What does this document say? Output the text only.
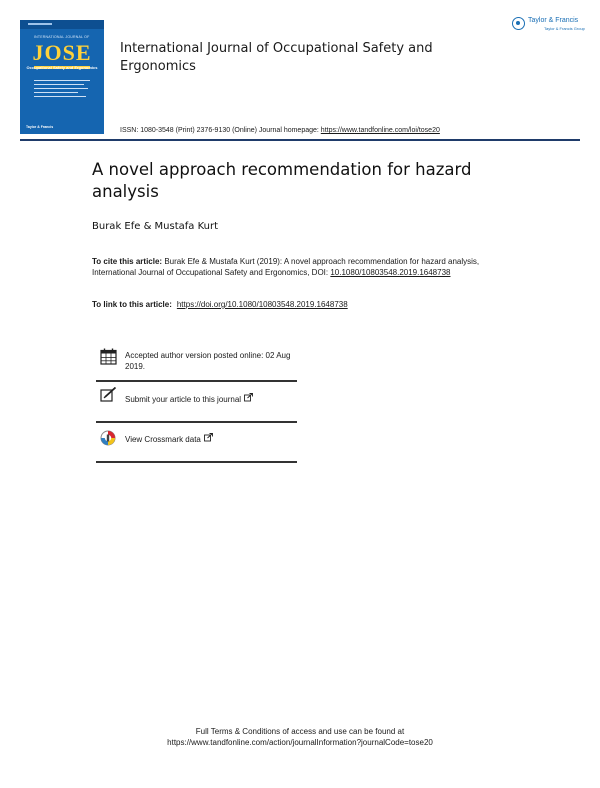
INTERNATIONAL JOURNAL OF
JOSE
Occupational Safety and Ergonomics
Taylor & Francis
International Journal of Occupational Safety and Ergonomics
ISSN: 1080-3548 (Print) 2376-9130 (Online) Journal homepage: https://www.tandfonline.com/loi/tose20
Taylor & Francis
Taylor & Francis Group
A novel approach recommendation for hazard analysis
Burak Efe & Mustafa Kurt
To cite this article: Burak Efe & Mustafa Kurt (2019): A novel approach recommendation for hazard analysis, International Journal of Occupational Safety and Ergonomics, DOI: 10.1080/10803548.2019.1648738
To link to this article: https://doi.org/10.1080/10803548.2019.1648738
Accepted author version posted online: 02 Aug 2019.
Submit your article to this journal
View Crossmark data
Full Terms & Conditions of access and use can be found at
https://www.tandfonline.com/action/journalInformation?journalCode=tose20
